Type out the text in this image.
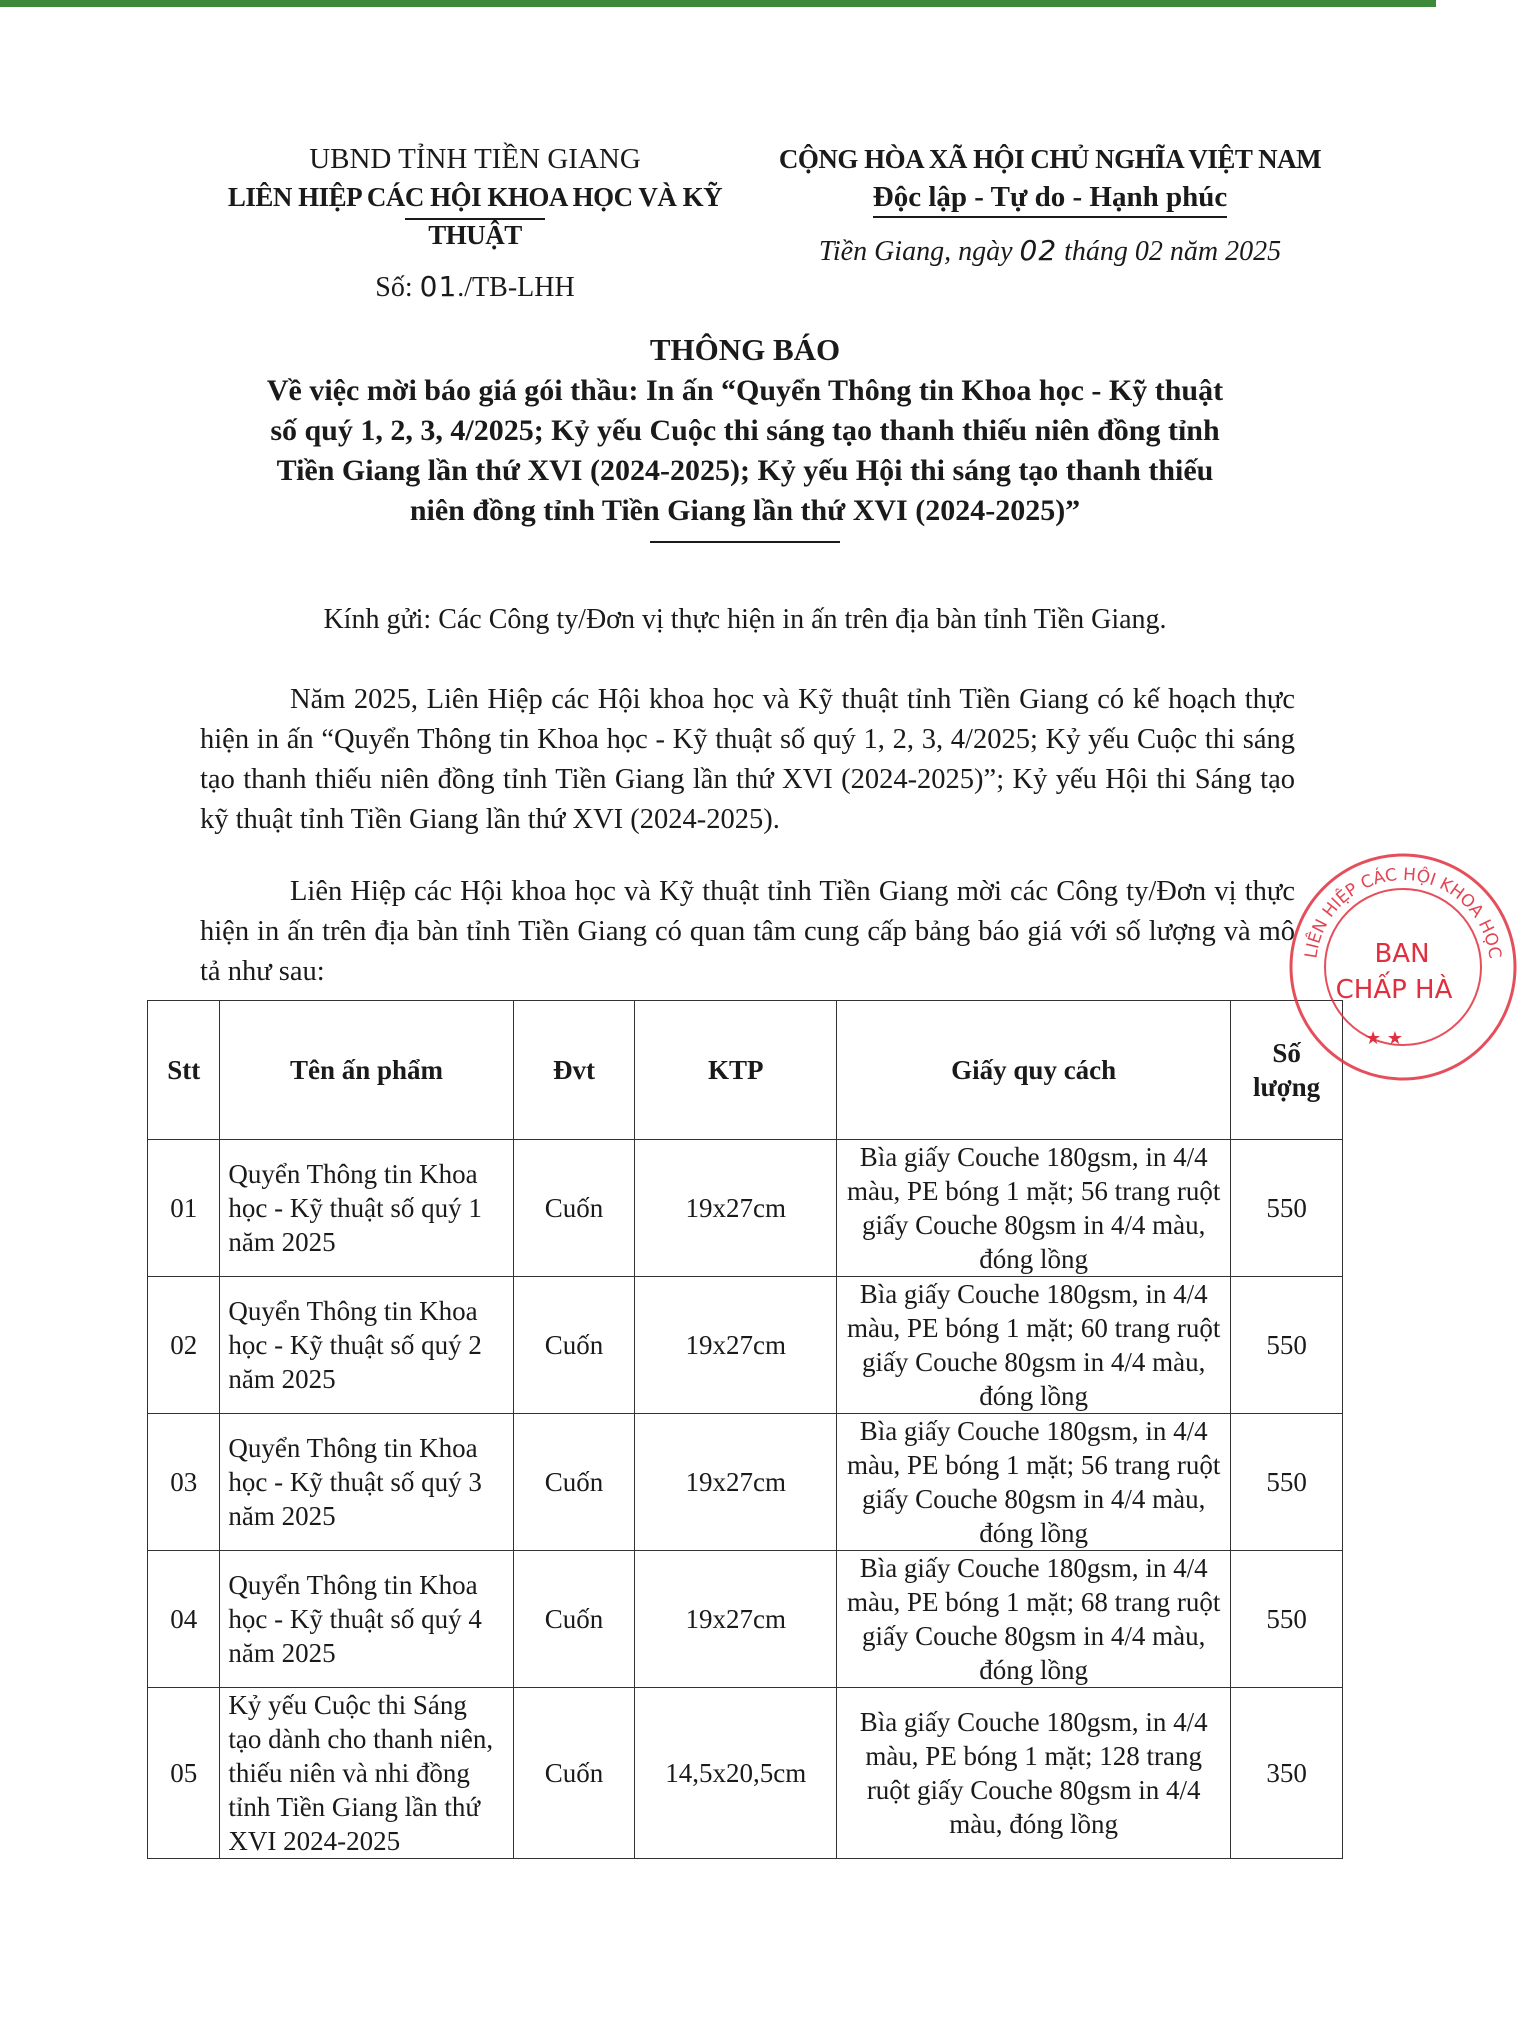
UBND TỈNH TIỀN GIANG
LIÊN HIỆP CÁC HỘI KHOA HỌC VÀ KỸ THUẬT
Số: 01./TB-LHH
CỘNG HÒA XÃ HỘI CHỦ NGHĨA VIỆT NAM
Độc lập - Tự do - Hạnh phúc
Tiền Giang, ngày 02 tháng 02 năm 2025
THÔNG BÁO
Về việc mời báo giá gói thầu: In ấn “Quyển Thông tin Khoa học - Kỹ thuật
số quý 1, 2, 3, 4/2025; Kỷ yếu Cuộc thi sáng tạo thanh thiếu niên đồng tỉnh
Tiền Giang lần thứ XVI (2024-2025); Kỷ yếu Hội thi sáng tạo thanh thiếu
niên đồng tỉnh Tiền Giang lần thứ XVI (2024-2025)”
Kính gửi: Các Công ty/Đơn vị thực hiện in ấn trên địa bàn tỉnh Tiền Giang.
Năm 2025, Liên Hiệp các Hội khoa học và Kỹ thuật tỉnh Tiền Giang có kế hoạch thực hiện in ấn “Quyển Thông tin Khoa học - Kỹ thuật số quý 1, 2, 3, 4/2025; Kỷ yếu Cuộc thi sáng tạo thanh thiếu niên đồng tỉnh Tiền Giang lần thứ XVI (2024-2025)”; Kỷ yếu Hội thi Sáng tạo kỹ thuật tỉnh Tiền Giang lần thứ XVI (2024-2025).
Liên Hiệp các Hội khoa học và Kỹ thuật tỉnh Tiền Giang mời các Công ty/Đơn vị thực hiện in ấn trên địa bàn tỉnh Tiền Giang có quan tâm cung cấp bảng báo giá với số lượng và mô tả như sau:
Stt	Tên ấn phẩm	Đvt	KTP	Giấy quy cách	Số lượng
01	Quyển Thông tin Khoa học - Kỹ thuật số quý 1 năm 2025	Cuốn	19x27cm	Bìa giấy Couche 180gsm, in 4/4 màu, PE bóng 1 mặt; 56 trang ruột giấy Couche 80gsm in 4/4 màu, đóng lồng	550
02	Quyển Thông tin Khoa học - Kỹ thuật số quý 2 năm 2025	Cuốn	19x27cm	Bìa giấy Couche 180gsm, in 4/4 màu, PE bóng 1 mặt; 60 trang ruột giấy Couche 80gsm in 4/4 màu, đóng lồng	550
03	Quyển Thông tin Khoa học - Kỹ thuật số quý 3 năm 2025	Cuốn	19x27cm	Bìa giấy Couche 180gsm, in 4/4 màu, PE bóng 1 mặt; 56 trang ruột giấy Couche 80gsm in 4/4 màu, đóng lồng	550
04	Quyển Thông tin Khoa học - Kỹ thuật số quý 4 năm 2025	Cuốn	19x27cm	Bìa giấy Couche 180gsm, in 4/4 màu, PE bóng 1 mặt; 68 trang ruột giấy Couche 80gsm in 4/4 màu, đóng lồng	550
05	Kỷ yếu Cuộc thi Sáng tạo dành cho thanh niên, thiếu niên và nhi đồng tỉnh Tiền Giang lần thứ XVI 2024-2025	Cuốn	14,5x20,5cm	Bìa giấy Couche 180gsm, in 4/4 màu, PE bóng 1 mặt; 128 trang ruột giấy Couche 80gsm in 4/4 màu, đóng lồng	350
LIÊN HIỆP CÁC HỘI KHOA HỌC
BAN
CHẤP HÀ
★ ★
